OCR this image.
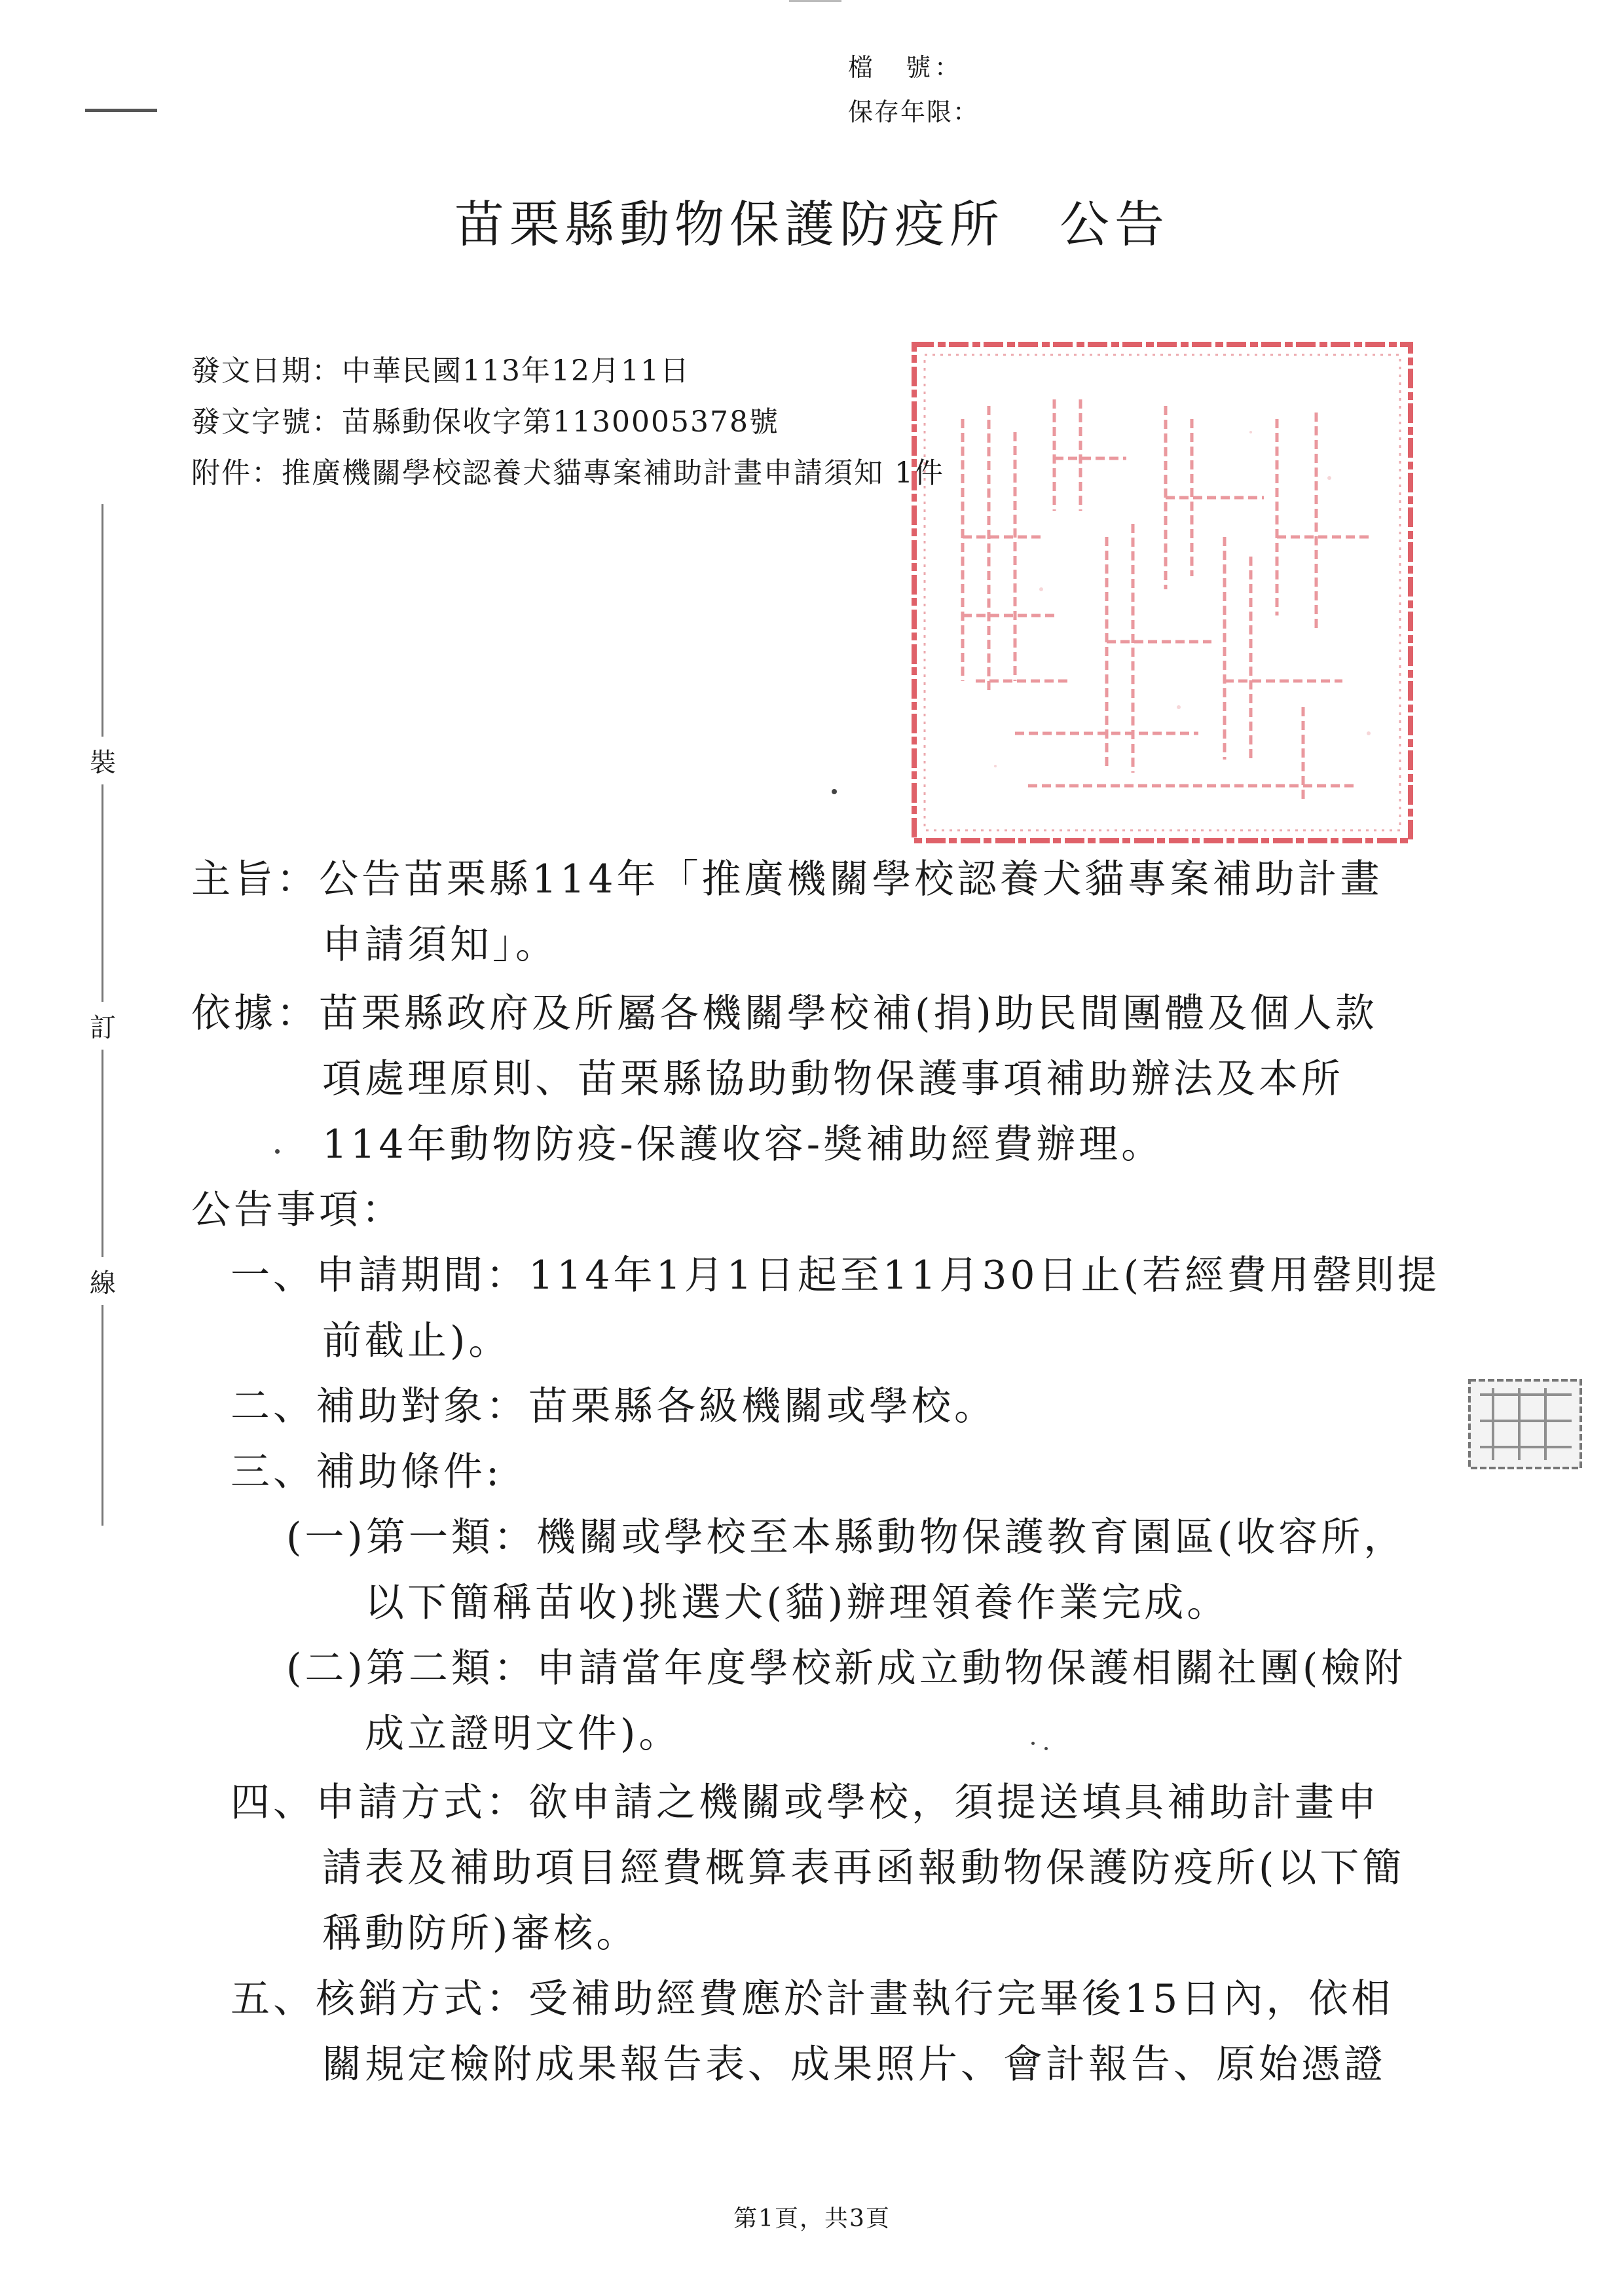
檔　號：
保存年限：
苗栗縣動物保護防疫所　公告
發文日期：中華民國113年12月11日
發文字號：苗縣動保收字第1130005378號
附件：推廣機關學校認養犬貓專案補助計畫申請須知 1件
裝
訂
線
主旨：公告苗栗縣114年「推廣機關學校認養犬貓專案補助計畫
申請須知」。
依據：苗栗縣政府及所屬各機關學校補(捐)助民間團體及個人款
項處理原則、苗栗縣協助動物保護事項補助辦法及本所
114年動物防疫-保護收容-獎補助經費辦理。
公告事項：
一、申請期間：114年1月1日起至11月30日止(若經費用罄則提
前截止)。
二、補助對象：苗栗縣各級機關或學校。
三、補助條件:
(一)第一類：機關或學校至本縣動物保護教育園區(收容所，
以下簡稱苗收)挑選犬(貓)辦理領養作業完成。
(二)第二類：申請當年度學校新成立動物保護相關社團(檢附
成立證明文件)。
四、申請方式：欲申請之機關或學校，須提送填具補助計畫申
請表及補助項目經費概算表再函報動物保護防疫所(以下簡
稱動防所)審核。
五、核銷方式：受補助經費應於計畫執行完畢後15日內，依相
關規定檢附成果報告表、成果照片、會計報告、原始憑證
第1頁，共3頁
